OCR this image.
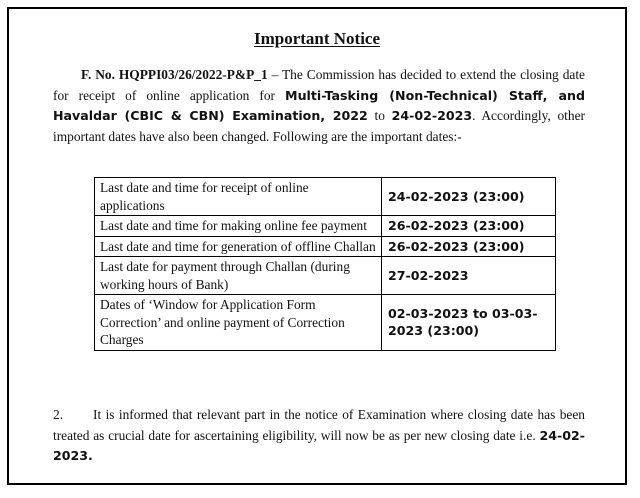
Important Notice
F. No. HQPPI03/26/2022-P&P_1 – The Commission has decided to extend the closing date for receipt of online application for Multi-Tasking (Non-Technical) Staff, and Havaldar (CBIC & CBN) Examination, 2022 to 24-02-2023. Accordingly, other important dates have also been changed. Following are the important dates:-
Last date and time for receipt of online applications	24-02-2023 (23:00)
Last date and time for making online fee payment	26-02-2023 (23:00)
Last date and time for generation of offline Challan	26-02-2023 (23:00)
Last date for payment through Challan (during working hours of Bank)	27-02-2023
Dates of ‘Window for Application Form Correction’ and online payment of Correction Charges	02-03-2023 to 03-03-2023 (23:00)
2. It is informed that relevant part in the notice of Examination where closing date has been treated as crucial date for ascertaining eligibility, will now be as per new closing date i.e. 24-02-2023.
